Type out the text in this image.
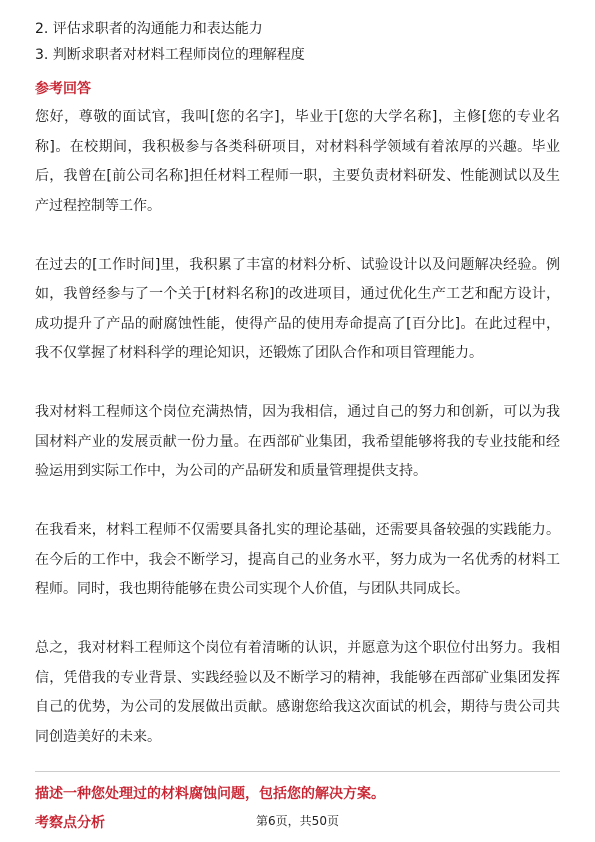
2. 评估求职者的沟通能力和表达能力
3. 判断求职者对材料工程师岗位的理解程度
参考回答

您好，尊敬的面试官，我叫[您的名字]，毕业于[您的大学名称]，主修[您的专业名称]。在校期间，我积极参与各类科研项目，对材料科学领域有着浓厚的兴趣。毕业后，我曾在[前公司名称]担任材料工程师一职，主要负责材料研发、性能测试以及生产过程控制等工作。

在过去的[工作时间]里，我积累了丰富的材料分析、试验设计以及问题解决经验。例如，我曾经参与了一个关于[材料名称]的改进项目，通过优化生产工艺和配方设计，成功提升了产品的耐腐蚀性能，使得产品的使用寿命提高了[百分比]。在此过程中，我不仅掌握了材料科学的理论知识，还锻炼了团队合作和项目管理能力。

我对材料工程师这个岗位充满热情，因为我相信，通过自己的努力和创新，可以为我国材料产业的发展贡献一份力量。在西部矿业集团，我希望能够将我的专业技能和经验运用到实际工作中，为公司的产品研发和质量管理提供支持。

在我看来，材料工程师不仅需要具备扎实的理论基础，还需要具备较强的实践能力。在今后的工作中，我会不断学习，提高自己的业务水平，努力成为一名优秀的材料工程师。同时，我也期待能够在贵公司实现个人价值，与团队共同成长。

总之，我对材料工程师这个岗位有着清晰的认识，并愿意为这个职位付出努力。我相信，凭借我的专业背景、实践经验以及不断学习的精神，我能够在西部矿业集团发挥自己的优势，为公司的发展做出贡献。感谢您给我这次面试的机会，期待与贵公司共同创造美好的未来。

描述一种您处理过的材料腐蚀问题，包括您的解决方案。
考察点分析	第6页，共50页
